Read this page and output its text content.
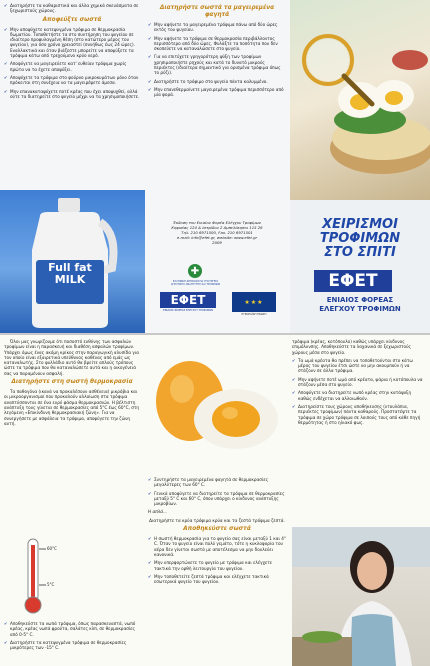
✔ Διατηρήστε τα καθαριστικά και άλλα χημικά σκευάσματα σε ξεχωριστούς χώρους.

Αποφεύξτε σωστά

✔ Μην αποψύχετε κατεψυγμένα τρόφιμα σε θερμοκρασία δωματίου. Τοποθετήστε τα στο συντήρηση του ψυγείου σε ιδιαίτερο προφυλαγμένη θέση (στο κατώτερο μέρος του ψυγείου), για όσο χρόνο χρειαστεί (συνήθως έως 24 ώρες). Εναλλακτικά και όταν βιάζεστε μπορείτε να αποψύξετε τα τρόφιμα κάτω από τρεχούμενο κρύο νερό.

✔ Αποφύγετε να μαγειρεύετε κατ' ευθείαν τρόφιμα χωρίς πρώτα να τα έχετε αποψύξει.

✔ Αποψύχετε τα τρόφιμα στο φούρνο μικροκυμάτων μόνο όταν πρόκειται στη συνέχεια να τα μαγειρέψετε άμεσα.

✔ Μην επανακαταψύχετε ποτέ κρέας που έχει αποψυχθεί, αλλά ούτε τα διατηρείτε στο ψυγείο μέχρι να τα χρησιμοποιήσετε.

Full fat MILK
Διατηρήστε σωστά τα μαγειρεμένα φαγητά

✔ Μην αφήνετε τα μαγειρεμένα τρόφιμα πάνω από δύο ώρες εκτός του ψυγείου.

✔ Μην αφήνετε τα τρόφιμα σε θερμοκρασία περιβάλλοντος περισσότερο από δύο ώρες. Φυλάξτε τα ποσότητα που δεν σκοπεύετε να καταναλώσετε στο ψυγείο.

✔ Για να επιτύχετε γρηγορότερη ψύξη των τροφίμων χρησιμοποιήστε ρηχούς και κατά το δυνατό μικρούς περιέκτες (ιδιαίτερα σημαντικό για ορισμένα τρόφιμα όπως το ρύζι).

✔ Διατηρήστε το τρόφιμο στο ψυγείο πάντα καλυμμένο.

✔ Μην επανεθερμαίνετε μαγειρεμένα τρόφιμα περισσότερο από μία φορά.

Έκδοση του Ενιαίου Φορέα Ελέγχου Τροφίμων
Κηφισίας 124 & Ιατρίδου 2 Αμπελόκηποι 115 26
Τηλ. 210 6971500, Fax. 210 6971501
e-mail: info@efet.gr, website: www.efet.gr
2009
✚
ΕΛΛΗΝΙΚΗ ΔΗΜΟΚΡΑΤΙΑ ΥΠΟΥΡΓΕΙΟ ΑΓΡΟΤΙΚΗΣ ΑΝΑΠΤΥΞΗΣ ΚΑΙ ΤΡΟΦΙΜΩΝ
ΕΦΕΤ
ΕΝΙΑΙΟΣ ΦΟΡΕΑΣ ΕΛΕΓΧΟΥ ΤΡΟΦΙΜΩΝ
★★★
ΕΥΡΩΠΑΪΚΗ ΕΝΩΣΗ
ΧΕΙΡΙΣΜΟΙ
ΤΡΟΦΙΜΩΝ
ΣΤΟ ΣΠΙΤΙ
ΕΦΕΤ
ΕΝΙΑΙΟΣ ΦΟΡΕΑΣ
ΕΛΕΓΧΟΥ ΤΡΟΦΙΜΩΝ

Όλοι μας γνωρίζουμε ότι ποσοστό ευθύνης των ασφαλών τροφίμων είναι η παρασκευή και διαθέση ασφαλών τροφίμων. Υπάρχει όμως ένας ακόμη κρίκος στην παραγωγική αλυσίδα για τον οποίο είναι εξαιρετικά υπεύθυνος καθένας από εμάς ως καταναλωτής. Στο φυλλάδιο αυτό θα βρείτε απλούς τρόπους ώστε τα τρόφιμα που θα καταναλώσετε αυτά και η οικογένειά σας να παραμένουν ασφαλή.

Διατηρήστε στη σωστή θερμοκρασία

Τα παθογόνα (ικανά να προκαλέσουν ασθένεια) μικρόβια και οι μικροοργανισμοί που προκαλούν αλλοίωση στα τρόφιμα αναπτύσσονται σε ένα ευρύ φάσμα θερμοκρασιών. Η βέλτιστη ανάπτυξη τους γίνεται σε θερμοκρασίες από 5°C έως 60°C, στη λεγόμενη «Επικίνδυνη θερμοκρασιακή ζώνη». Για να συνεργήσετε με ασφάλεια τα τρόφιμα, αποφύγετε την ζώνη αυτή.

60°C
5°C

✔ Αποθηκεύστε τα νωπά τρόφιμα, όπως παρασκευαστά, νωπό κρέας, κρέας νωπά φρούτα, σαλάτες κλπ, σε θερμοκρασίες από 0-5° C.

✔ Διατηρήστε τα κατεψυγμένα τρόφιμα σε θερμοκρασίες μικρότερες των -15° C.

✔ Συντηρήστε τα μαγειρεμένα φαγητά σε θερμοκρασίες μεγαλύτερες των 60° C.

✔ Γενικά αποφύγετε να διατηρείτε τα τρόφιμα σε θερμοκρασίες μεταξύ 5° C και 60° C, όπου υπάρχει ο κίνδυνος ανάπτυξης μικροβίων.

Η απλά...

Διατηρήστε τα κρύα τρόφιμα κρύα και τα ζεστά τρόφιμα ζεστά.

Αποθηκεύστε σωστά

✔ Η σωστή θερμοκρασία για το ψυγείο σας είναι μεταξύ 1 και 4° C. Όταν το ψυγείο είναι πολύ γεμάτο, τότε η κυκλοφορία του αέρα δεν γίνεται σωστά με αποτέλεσμα να μην δουλεύει κανονικά.

✔ Μην υπερφορτώνετε το ψυγείο με τρόφιμα και ελέγχετε τακτικά την ορθή λειτουργία του ψυγείου.

✔ Μην τοποθετείτε ζεστά τρόφιμα και ελέγχετε τακτικά εσωτερικά ψυγείο του ψυγείου.

τρόφιμα (κρέας, κοτόπουλο) καθώς υπάρχει κίνδυνος επιμόλυνσης. Αποθηκεύστε τα λαχανικά σε ξεχωριστούς χώρους μέσα στο ψυγείο.

✔ Τα ωμά κρέατα θα πρέπει να τοποθετούνται στο κάτω μέρος του ψυγείου έτσι ώστε να μην ακουμπούν ή να στάζουν σε άλλα τρόφιμα.

✔ Μην αφήνετε ποτέ ωμά από κρέατα, ψάρια ή κοτόπουλα να στάζουν μέσα στο ψυγείο.

✔ Αποφύγετε να διατηρείτε νωπό κρέας στην κατάψυξη καθώς ενδέχεται να αλλοιωθούν.

✔ Διατηρείστε τους χώρους αποθήκευσης (ντουλάπια, περιέκτες τροφίμων) πάντα καθαρούς. Προστατέψτε τα τρόφιμα σε χώρο τρόφιμα σε λοιπούς τους από κάθε πηγή θερμότητας ή στο ηλιακό φως.
